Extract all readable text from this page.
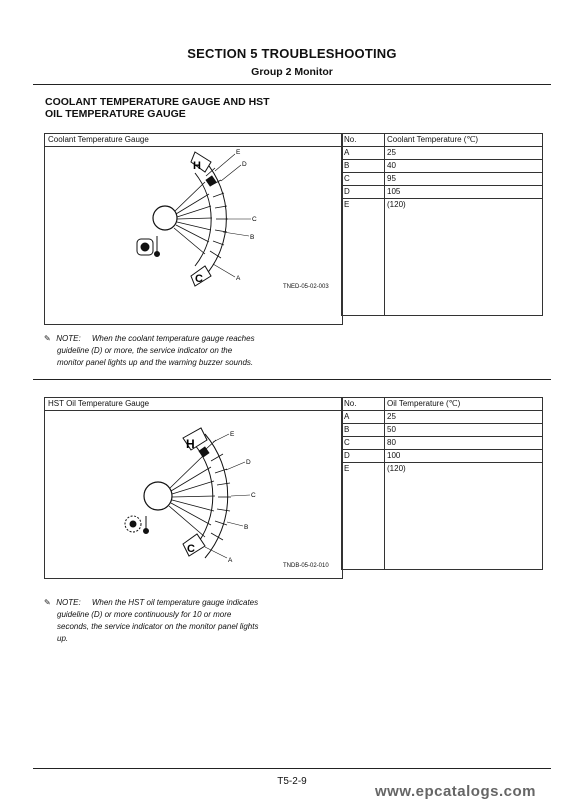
SECTION 5 TROUBLESHOOTING
Group 2 Monitor
COOLANT TEMPERATURE GAUGE AND HST
OIL TEMPERATURE GAUGE
Coolant Temperature Gauge
H
C
E
D
C
B
A
TNED-05-02-003
No.	Coolant Temperature (℃)
A	25
B	40
C	95
D	105
E	(120)
✎ NOTE: When the coolant temperature gauge reaches
guideline (D) or more, the service indicator on the
monitor panel lights up and the warning buzzer sounds.
HST Oil Temperature Gauge
H
C
E
D
C
B
A
TNDB-05-02-010
No.	Oil Temperature (℃)
A	25
B	50
C	80
D	100
E	(120)
✎ NOTE: When the HST oil temperature gauge indicates
guideline (D) or more continuously for 10 or more
seconds, the service indicator on the monitor panel lights
up.
T5-2-9
www.epcatalogs.com
